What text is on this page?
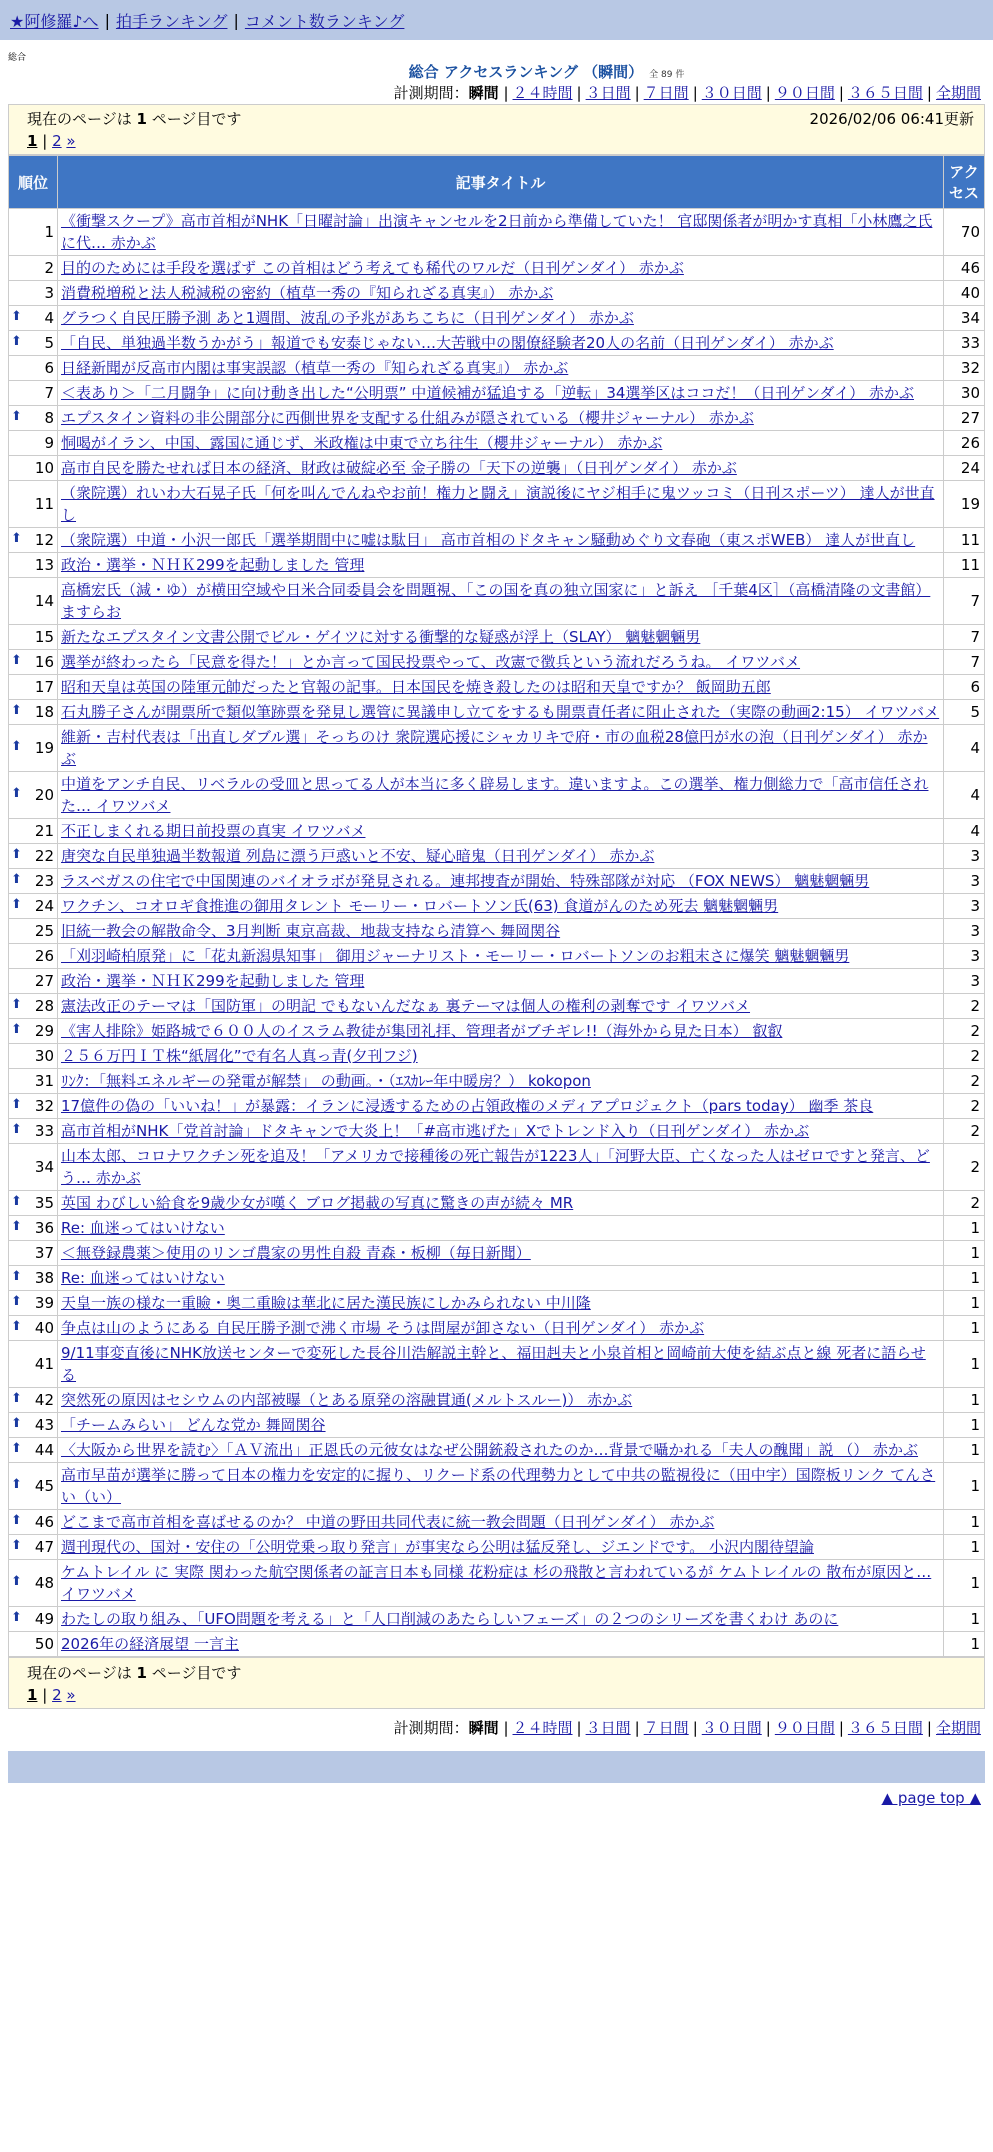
★阿修羅♪へ | 拍手ランキング | コメント数ランキング
総合
総合 アクセスランキング （瞬間） 全 89 件
計測期間：瞬間 | ２４時間 | ３日間 | ７日間 | ３０日間 | ９０日間 | ３６５日間 | 全期間
現在のページは 1 ページ目です	2026/02/06 06:41更新
1 | 2 »
順位	記事タイトル	アクセス
1	《衝撃スクープ》高市首相がNHK「日曜討論」出演キャンセルを2日前から準備していた！ 官邸関係者が明かす真相「小林鷹之氏に代… 赤かぶ	70
2	目的のためには手段を選ばず この首相はどう考えても稀代のワルだ（日刊ゲンダイ） 赤かぶ	46
3	消費税増税と法人税減税の密約（植草一秀の『知られざる真実』） 赤かぶ	40

⬆ 4	グラつく自民圧勝予測 あと1週間、波乱の予兆があちこちに（日刊ゲンダイ） 赤かぶ	34

⬆ 5	「自民、単独過半数うかがう」報道でも安泰じゃない…大苦戦中の閣僚経験者20人の名前（日刊ゲンダイ） 赤かぶ	33
6	日経新聞が反高市内閣は事実誤認（植草一秀の『知られざる真実』） 赤かぶ	32
7	＜表あり＞「二月闘争」に向け動き出した“公明票” 中道候補が猛追する「逆転」34選挙区はココだ！（日刊ゲンダイ） 赤かぶ	30

⬆ 8	エプスタイン資料の非公開部分に西側世界を支配する仕組みが隠されている（櫻井ジャーナル） 赤かぶ	27
9	恫喝がイラン、中国、露国に通じず、米政権は中東で立ち往生（櫻井ジャーナル） 赤かぶ	26
10	高市自民を勝たせれば日本の経済、財政は破綻必至 金子勝の「天下の逆襲」（日刊ゲンダイ） 赤かぶ	24
11	（衆院選）れいわ大石晃子氏「何を叫んでんねやお前！権力と闘え」演説後にヤジ相手に鬼ツッコミ（日刊スポーツ） 達人が世直し	19

⬆ 12	（衆院選）中道・小沢一郎氏「選挙期間中に嘘は駄目」 高市首相のドタキャン騒動めぐり文春砲（東スポWEB） 達人が世直し	11
13	政治・選挙・ＮＨＫ299を起動しました 管理	11
14	高橋宏氏（減・ゆ）が横田空域や日米合同委員会を問題視、「この国を真の独立国家に」と訴え ［千葉4区］（高橋清隆の文書館） ますらお	7
15	新たなエプスタイン文書公開でビル・ゲイツに対する衝撃的な疑惑が浮上（SLAY） 魑魅魍魎男	7

⬆ 16	選挙が終わったら「民意を得た！」とか言って国民投票やって、改憲で徴兵という流れだろうね。 イワツバメ	7
17	昭和天皇は英国の陸軍元帥だったと官報の記事。日本国民を焼き殺したのは昭和天皇ですか？ 飯岡助五郎	6

⬆ 18	石丸勝子さんが開票所で類似筆跡票を発見し選管に異議申し立てをするも開票責任者に阻止された（実際の動画2:15） イワツバメ	5

⬆ 19	維新・吉村代表は「出直しダブル選」そっちのけ 衆院選応援にシャカリキで府・市の血税28億円が水の泡（日刊ゲンダイ） 赤かぶ	4

⬆ 20	中道をアンチ自民、リベラルの受皿と思ってる人が本当に多く辟易します。違いますよ。この選挙、権力側総力で「高市信任された… イワツバメ	4
21	不正しまくれる期日前投票の真実 イワツバメ	4

⬆ 22	唐突な自民単独過半数報道 列島に漂う戸惑いと不安、疑心暗鬼（日刊ゲンダイ） 赤かぶ	3

⬆ 23	ラスベガスの住宅で中国関連のバイオラボが発見される。連邦捜査が開始、特殊部隊が対応 （FOX NEWS） 魑魅魍魎男	3

⬆ 24	ワクチン、コオロギ食推進の御用タレント モーリー・ロバートソン氏(63) 食道がんのため死去 魑魅魍魎男	3
25	旧統一教会の解散命令、3月判断 東京高裁、地裁支持なら清算へ 舞岡関谷	3
26	「刈羽崎柏原発」に「花丸新潟県知事」 御用ジャーナリスト・モーリー・ロバートソンのお粗末さに爆笑 魑魅魍魎男	3
27	政治・選挙・ＮＨＫ299を起動しました 管理	3

⬆ 28	憲法改正のテーマは「国防軍」の明記 でもないんだなぁ 裏テーマは個人の権利の剥奪です イワツバメ	2

⬆ 29	《害人排除》姫路城で６００人のイスラム教徒が集団礼拝、管理者がブチギレ!!（海外から見た日本） 叡叡	2
30	２５６万円ＩＴ株“紙屑化”で有名人真っ青(夕刊フジ)	2
31	ﾘﾝｸ：「無料エネルギーの発電が解禁」 の動画。・（ｴｽｶﾚｰ年中暖房？） kokopon	2

⬆ 32	17億件の偽の「いいね！」が暴露：イランに浸透するための占領政権のメディアプロジェクト（pars today） 幽季 茶良	2

⬆ 33	高市首相がNHK「党首討論」ドタキャンで大炎上！「#高市逃げた」Xでトレンド入り（日刊ゲンダイ） 赤かぶ	2
34	山本太郎、コロナワクチン死を追及！「アメリカで接種後の死亡報告が1223人」「河野大臣、亡くなった人はゼロですと発言、どう… 赤かぶ	2

⬆ 35	英国 わびしい給食を9歳少女が嘆く ブログ掲載の写真に驚きの声が続々 MR	2

⬆ 36	Re: 血迷ってはいけない	1
37	＜無登録農薬＞使用のリンゴ農家の男性自殺 青森・板柳（毎日新聞）	1

⬆ 38	Re: 血迷ってはいけない	1

⬆ 39	天皇一族の様な一重瞼・奥二重瞼は華北に居た漢民族にしかみられない 中川隆	1

⬆ 40	争点は山のようにある 自民圧勝予測で沸く市場 そうは問屋が卸さない（日刊ゲンダイ） 赤かぶ	1
41	9/11事変直後にNHK放送センターで変死した長谷川浩解説主幹と、福田赳夫と小泉首相と岡崎前大使を結ぶ点と線 死者に語らせる	1

⬆ 42	突然死の原因はセシウムの内部被曝（とある原発の溶融貫通(メルトスルー)） 赤かぶ	1

⬆ 43	「チームみらい」 どんな党か 舞岡関谷	1

⬆ 44	〈大阪から世界を読む〉「ＡＶ流出」正恩氏の元彼女はなぜ公開銃殺されたのか…背景で囁かれる「夫人の醜聞」説 （） 赤かぶ	1

⬆ 45	高市早苗が選挙に勝って日本の権力を安定的に握り、リクード系の代理勢力として中共の監視役に（田中宇）国際板リンク てんさい（い）	1

⬆ 46	どこまで高市首相を喜ばせるのか？ 中道の野田共同代表に統一教会問題（日刊ゲンダイ） 赤かぶ	1

⬆ 47	週刊現代の、国対・安住の「公明党乗っ取り発言」が事実なら公明は猛反発し、ジエンドです。 小沢内閣待望論	1

⬆ 48	ケムトレイル に 実際 関わった航空関係者の証言日本も同様 花粉症は 杉の飛散と言われているが ケムトレイルの 散布が原因と… イワツバメ	1

⬆ 49	わたしの取り組み、「UFO問題を考える」と「人口削減のあたらしいフェーズ」の２つのシリーズを書くわけ あのに	1
50	2026年の経済展望 一言主	1
現在のページは 1 ページ目です
1 | 2 »
計測期間：瞬間 | ２４時間 | ３日間 | ７日間 | ３０日間 | ９０日間 | ３６５日間 | 全期間
▲ page top ▲
